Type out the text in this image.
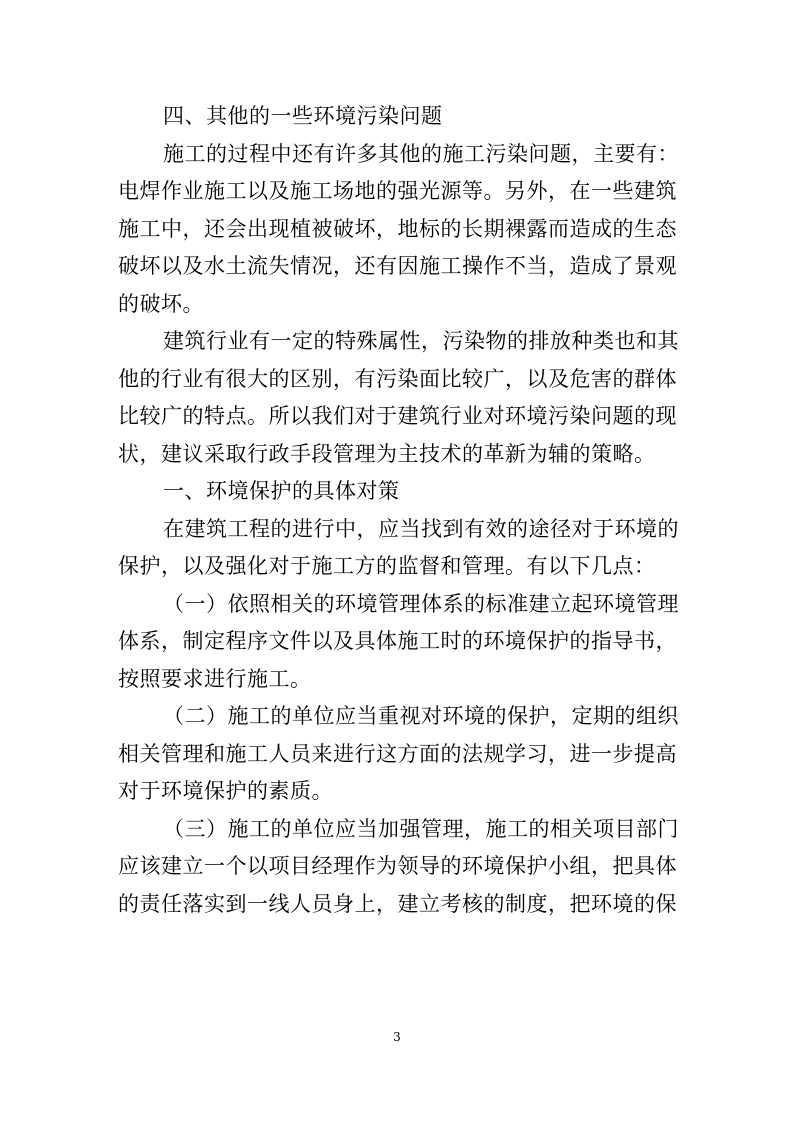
四、其他的一些环境污染问题
施工的过程中还有许多其他的施工污染问题，主要有：
电焊作业施工以及施工场地的强光源等。另外，在一些建筑
施工中，还会出现植被破坏，地标的长期裸露而造成的生态
破坏以及水土流失情况，还有因施工操作不当，造成了景观
的破坏。
建筑行业有一定的特殊属性，污染物的排放种类也和其
他的行业有很大的区别，有污染面比较广，以及危害的群体
比较广的特点。所以我们对于建筑行业对环境污染问题的现
状，建议采取行政手段管理为主技术的革新为辅的策略。
一、环境保护的具体对策
在建筑工程的进行中，应当找到有效的途径对于环境的
保护，以及强化对于施工方的监督和管理。有以下几点：
（一）依照相关的环境管理体系的标准建立起环境管理
体系，制定程序文件以及具体施工时的环境保护的指导书，
按照要求进行施工。
（二）施工的单位应当重视对环境的保护，定期的组织
相关管理和施工人员来进行这方面的法规学习，进一步提高
对于环境保护的素质。
（三）施工的单位应当加强管理，施工的相关项目部门
应该建立一个以项目经理作为领导的环境保护小组，把具体
的责任落实到一线人员身上，建立考核的制度，把环境的保
3
